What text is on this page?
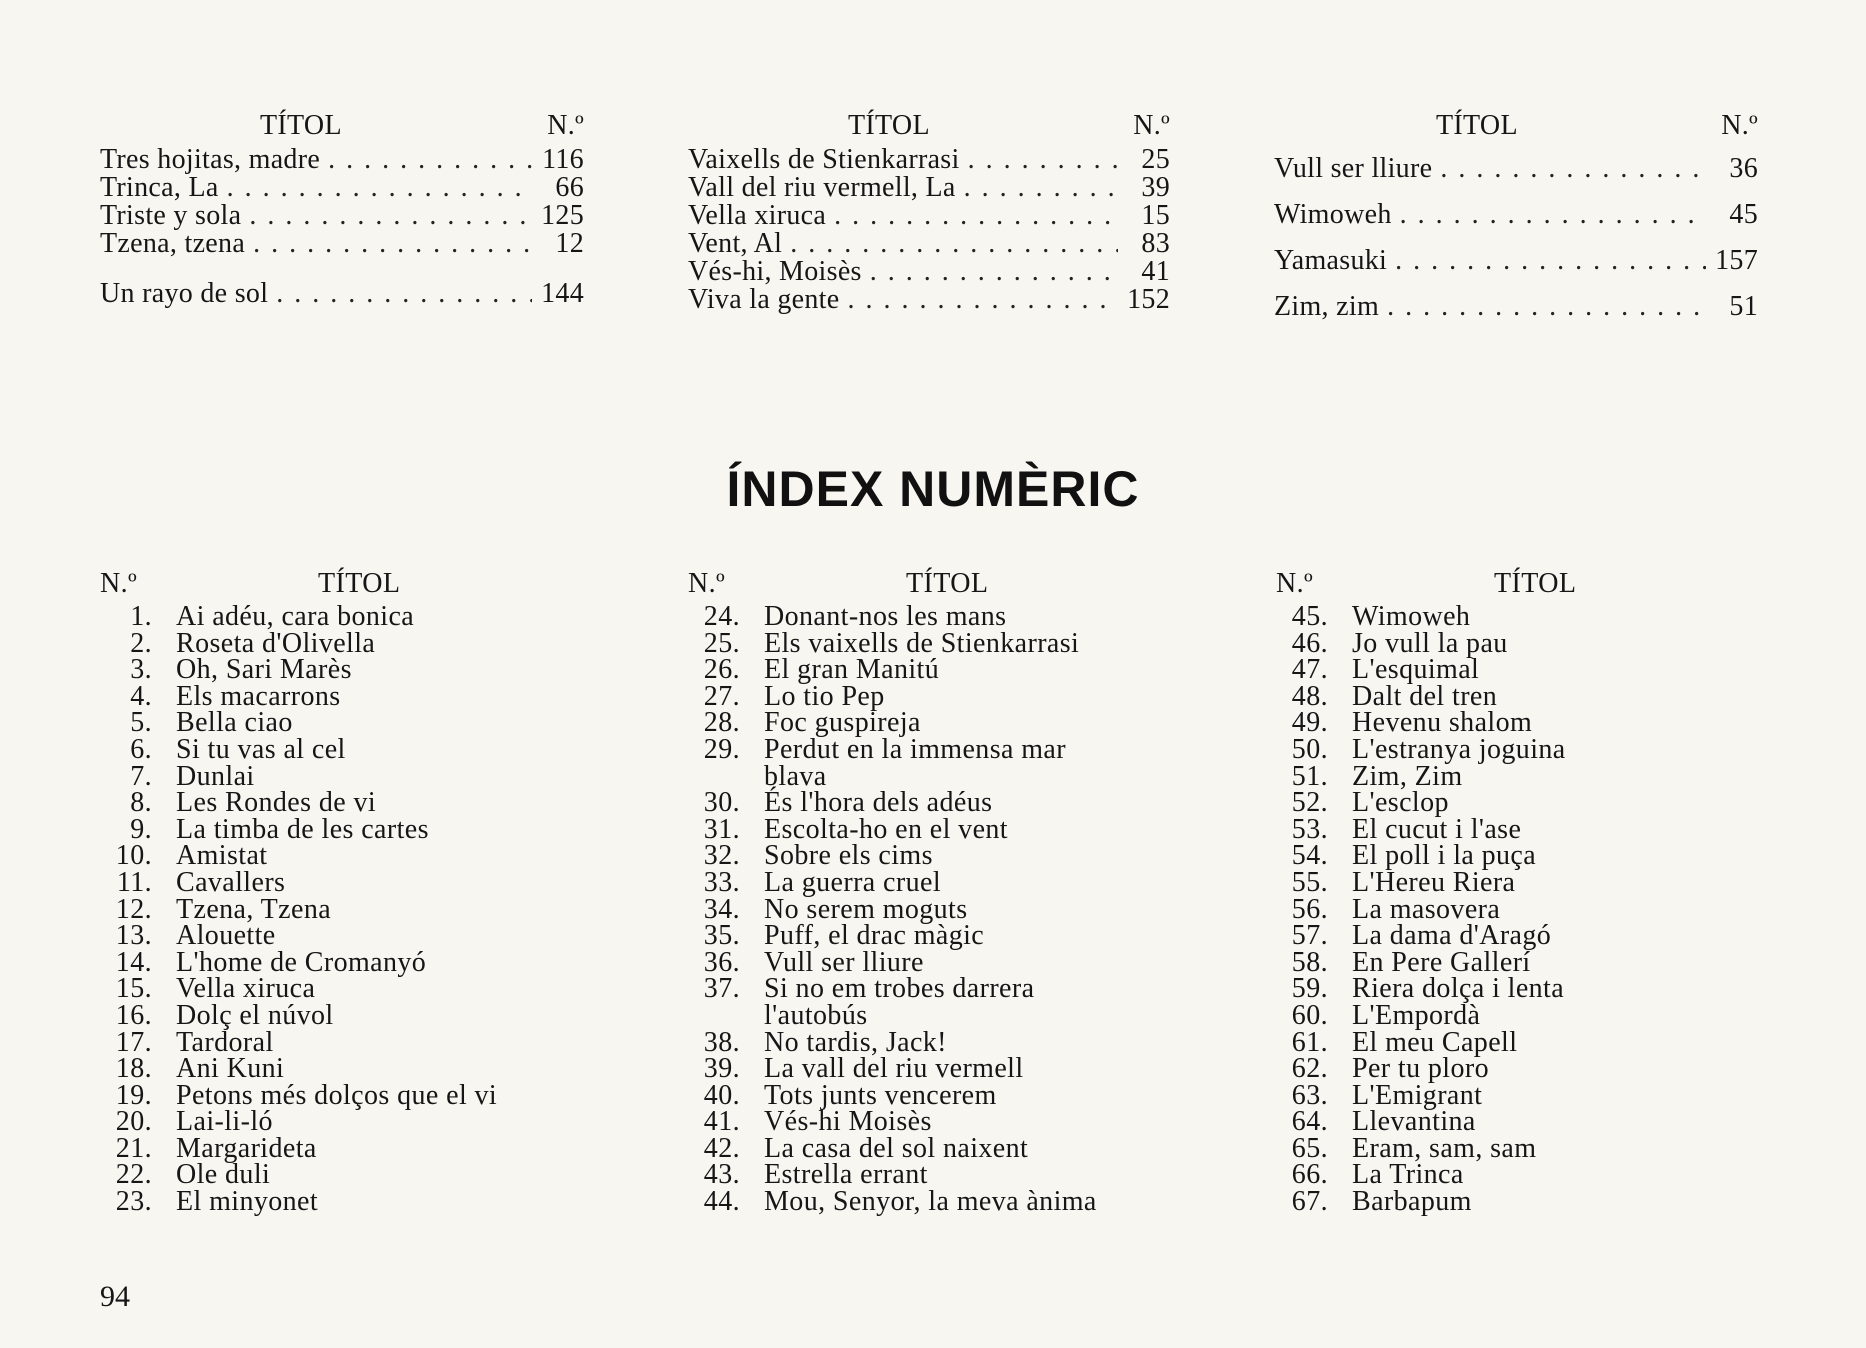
TÍTOL	N.º
Tres hojitas, madre . . .	116
Trinca, La . . .	66
Triste y sola . . .	125
Tzena, tzena . . .	12
Un rayo de sol . . .	144
TÍTOL	N.º
Vaixells de Stienkarrasi . . .	25
Vall del riu vermell, La . . .	39
Vella xiruca . . .	15
Vent, Al . . .	83
Vés-hi, Moisès . . .	41
Viva la gente . . .	152
TÍTOL	N.º
Vull ser lliure . . .	36
Wimoweh . . .	45
Yamasuki . . .	157
Zim, zim . . .	51
ÍNDEX NUMÈRIC
N.º	TÍTOL
1. Ai adéu, cara bonica
2. Roseta d'Olivella
3. Oh, Sari Marès
4. Els macarrons
5. Bella ciao
6. Si tu vas al cel
7. Dunlai
8. Les Rondes de vi
9. La timba de les cartes
10. Amistat
11. Cavallers
12. Tzena, Tzena
13. Alouette
14. L'home de Cromanyó
15. Vella xiruca
16. Dolç el núvol
17. Tardoral
18. Ani Kuni
19. Petons més dolços que el vi
20. Lai-li-ló
21. Margarideta
22. Ole duli
23. El minyonet
N.º	TÍTOL
24. Donant-nos les mans
25. Els vaixells de Stienkarrasi
26. El gran Manitú
27. Lo tio Pep
28. Foc guspireja
29. Perdut en la immensa mar
blava
30. És l'hora dels adéus
31. Escolta-ho en el vent
32. Sobre els cims
33. La guerra cruel
34. No serem moguts
35. Puff, el drac màgic
36. Vull ser lliure
37. Si no em trobes darrera
l'autobús
38. No tardis, Jack!
39. La vall del riu vermell
40. Tots junts vencerem
41. Vés-hi Moisès
42. La casa del sol naixent
43. Estrella errant
44. Mou, Senyor, la meva ànima
N.º	TÍTOL
45. Wimoweh
46. Jo vull la pau
47. L'esquimal
48. Dalt del tren
49. Hevenu shalom
50. L'estranya joguina
51. Zim, Zim
52. L'esclop
53. El cucut i l'ase
54. El poll i la puça
55. L'Hereu Riera
56. La masovera
57. La dama d'Aragó
58. En Pere Gallerí
59. Riera dolça i lenta
60. L'Empordà
61. El meu Capell
62. Per tu ploro
63. L'Emigrant
64. Llevantina
65. Eram, sam, sam
66. La Trinca
67. Barbapum
94
